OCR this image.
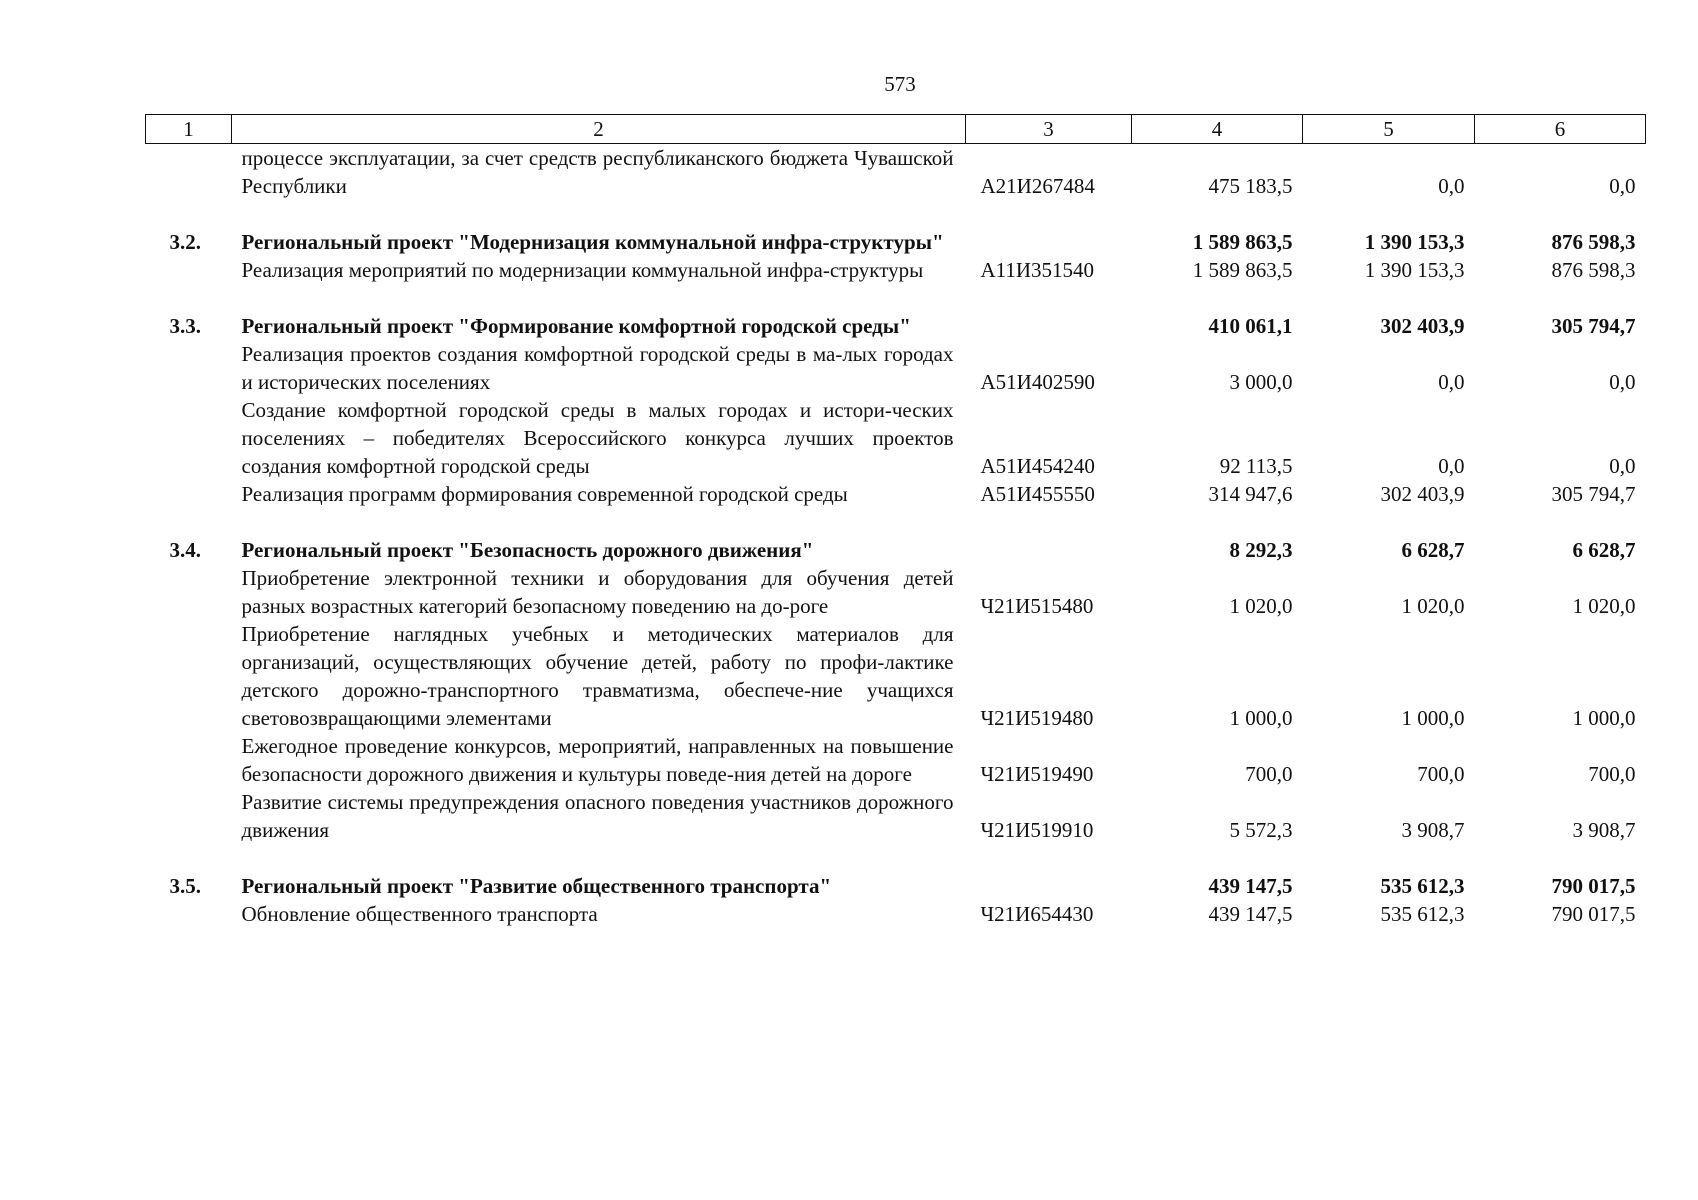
573
1	2	3	4	5	6
	процессе эксплуатации, за счет средств республиканского бюджета Чувашской Республики	А21И267484	475 183,5	0,0	0,0
3.2.	Региональный проект "Модернизация коммунальной инфра-структуры"		1 589 863,5	1 390 153,3	876 598,3
	Реализация мероприятий по модернизации коммунальной инфра-структуры	А11И351540	1 589 863,5	1 390 153,3	876 598,3
3.3.	Региональный проект "Формирование комфортной городской среды"		410 061,1	302 403,9	305 794,7
	Реализация проектов создания комфортной городской среды в ма-лых городах и исторических поселениях	А51И402590	3 000,0	0,0	0,0
	Создание комфортной городской среды в малых городах и истори-ческих поселениях – победителях Всероссийского конкурса лучших проектов создания комфортной городской среды	А51И454240	92 113,5	0,0	0,0
	Реализация программ формирования современной городской среды	А51И455550	314 947,6	302 403,9	305 794,7
3.4.	Региональный проект "Безопасность дорожного движения"		8 292,3	6 628,7	6 628,7
	Приобретение электронной техники и оборудования для обучения детей разных возрастных категорий безопасному поведению на до-роге	Ч21И515480	1 020,0	1 020,0	1 020,0
	Приобретение наглядных учебных и методических материалов для организаций, осуществляющих обучение детей, работу по профи-лактике детского дорожно-транспортного травматизма, обеспече-ние учащихся световозвращающими элементами	Ч21И519480	1 000,0	1 000,0	1 000,0
	Ежегодное проведение конкурсов, мероприятий, направленных на повышение безопасности дорожного движения и культуры поведе-ния детей на дороге	Ч21И519490	700,0	700,0	700,0
	Развитие системы предупреждения опасного поведения участников дорожного движения	Ч21И519910	5 572,3	3 908,7	3 908,7
3.5.	Региональный проект "Развитие общественного транспорта"		439 147,5	535 612,3	790 017,5
	Обновление общественного транспорта	Ч21И654430	439 147,5	535 612,3	790 017,5
